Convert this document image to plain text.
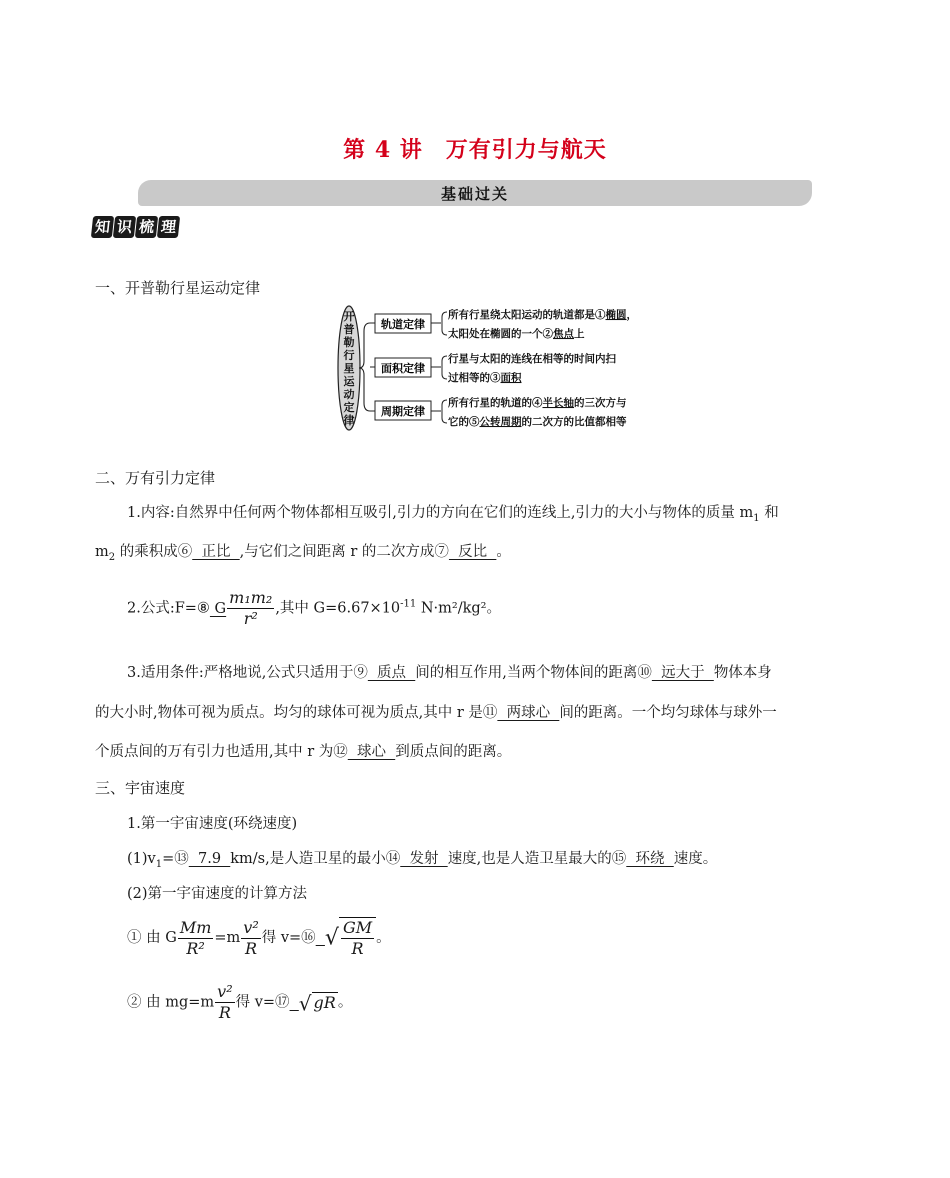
第 4 讲　万有引力与航天
基础过关
知 识 梳 理
一、开普勒行星运动定律
开
普
勒
行
星
运
动
定
律
轨道定律
面积定律
周期定律
所有行星绕太阳运动的轨道都是①椭圆，
太阳处在椭圆的一个②焦点上
行星与太阳的连线在相等的时间内扫
过相等的③面积
所有行星的轨道的④半长轴的三次方与
它的⑤公转周期的二次方的比值都相等
二、万有引力定律
1.内容:自然界中任何两个物体都相互吸引,引力的方向在它们的连线上,引力的大小与物体的质量 $m_1$ 和
$m_2$ 的乘积成⑥  正比  ,与它们之间距离 r 的二次方成⑦  反比  。
2.公式:F=⑧ G $\frac{\text{m₁m₂}}{\text{r²}}$ ,其中 $G=6.67\times 10^{-11}$ N·m²/kg²。
3.适用条件:严格地说,公式只适用于⑨  质点  间的相互作用,当两个物体间的距离⑩  远大于  物体本身
的大小时,物体可视为质点。均匀的球体可视为质点,其中 r 是⑪  两球心  间的距离。一个均匀球体与球外一
个质点间的万有引力也适用,其中 r 为⑫  球心  到质点间的距离。
三、宇宙速度
1.第一宇宙速度(环绕速度)
$(1)v_1=⑬$  7.9  km/s,是人造卫星的最小⑭  发射  速度,也是人造卫星最大的⑮  环绕  速度。
(2)第一宇宙速度的计算方法
① 由 G $\frac{Mm}{\text{R²}} =m \frac{\text{v²}}{R}$ 得 v=⑯ √ $\frac{GM}{R}$ 。
② 由 $mg=m \frac{\text{v²}}{R}$ 得 v=⑰ √ gR 。
